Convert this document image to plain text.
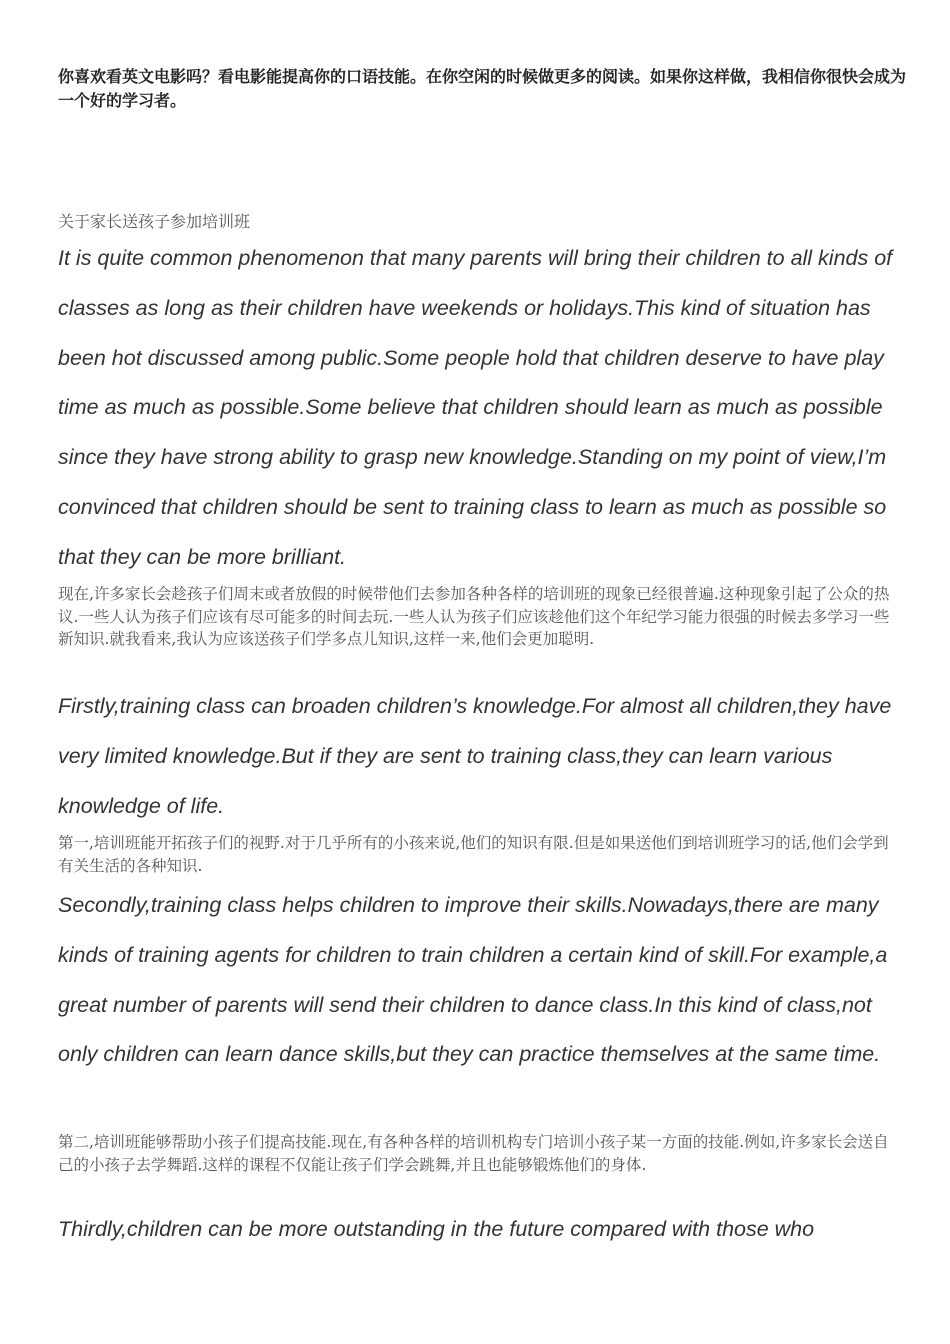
你喜欢看英文电影吗？看电影能提高你的口语技能。在你空闲的时候做更多的阅读。如果你这样做，我相信你很快会成为一个好的学习者。
关于家长送孩子参加培训班
It is quite common phenomenon that many parents will bring their children to all kinds of classes as long as their children have weekends or holidays.This kind of situation has been hot discussed among public.Some people hold that children deserve to have play time as much as possible.Some believe that children should learn as much as possible since they have strong ability to grasp new knowledge.Standing on my point of view,I’m convinced that children should be sent to training class to learn as much as possible so that they can be more brilliant.
现在,许多家长会趁孩子们周末或者放假的时候带他们去参加各种各样的培训班的现象已经很普遍.这种现象引起了公众的热议.一些人认为孩子们应该有尽可能多的时间去玩.一些人认为孩子们应该趁他们这个年纪学习能力很强的时候去多学习一些新知识.就我看来,我认为应该送孩子们学多点儿知识,这样一来,他们会更加聪明.
Firstly,training class can broaden children’s knowledge.For almost all children,they have very limited knowledge.But if they are sent to training class,they can learn various knowledge of life.
第一,培训班能开拓孩子们的视野.对于几乎所有的小孩来说,他们的知识有限.但是如果送他们到培训班学习的话,他们会学到有关生活的各种知识.
Secondly,training class helps children to improve their skills.Nowadays,there are many kinds of training agents for children to train children a certain kind of skill.For example,a great number of parents will send their children to dance class.In this kind of class,not only children can learn dance skills,but they can practice themselves at the same time.
第二,培训班能够帮助小孩子们提高技能.现在,有各种各样的培训机构专门培训小孩子某一方面的技能.例如,许多家长会送自己的小孩子去学舞蹈.这样的课程不仅能让孩子们学会跳舞,并且也能够锻炼他们的身体.
Thirdly,children can be more outstanding in the future compared with those who
